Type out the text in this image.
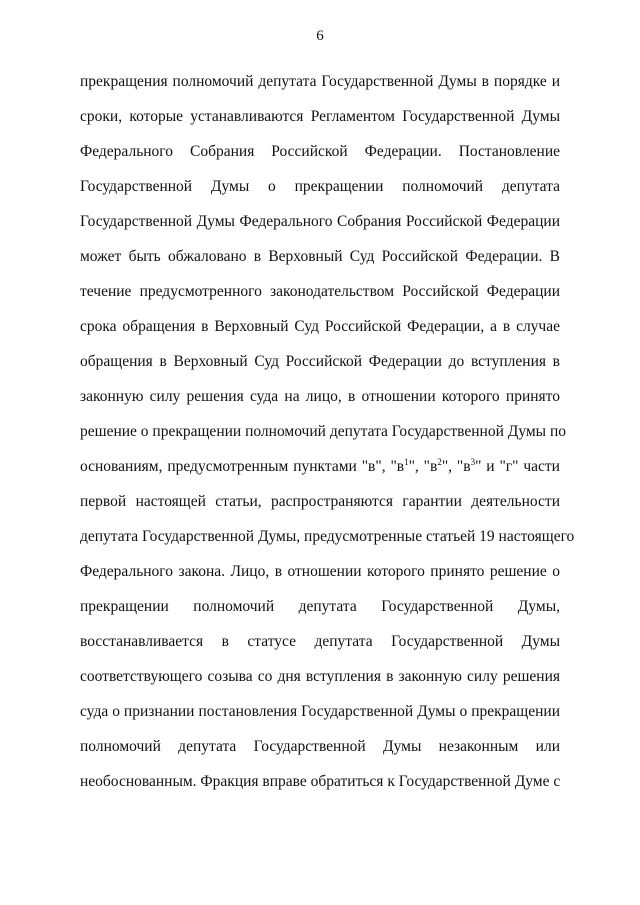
6
прекращения полномочий депутата Государственной Думы в порядке и
сроки, которые устанавливаются Регламентом Государственной Думы
Федерального Собрания Российской Федерации. Постановление
Государственной Думы о прекращении полномочий депутата
Государственной Думы Федерального Собрания Российской Федерации
может быть обжаловано в Верховный Суд Российской Федерации. В
течение предусмотренного законодательством Российской Федерации
срока обращения в Верховный Суд Российской Федерации, а в случае
обращения в Верховный Суд Российской Федерации до вступления в
законную силу решения суда на лицо, в отношении которого принято
решение о прекращении полномочий депутата Государственной Думы по
основаниям, предусмотренным пунктами "в", "$в^1$", "$в^2$", "$в^3$" и "г" части
первой настоящей статьи, распространяются гарантии деятельности
депутата Государственной Думы, предусмотренные статьей 19 настоящего
Федерального закона. Лицо, в отношении которого принято решение о
прекращении полномочий депутата Государственной Думы,
восстанавливается в статусе депутата Государственной Думы
соответствующего созыва со дня вступления в законную силу решения
суда о признании постановления Государственной Думы о прекращении
полномочий депутата Государственной Думы незаконным или
необоснованным. Фракция вправе обратиться к Государственной Думе с
